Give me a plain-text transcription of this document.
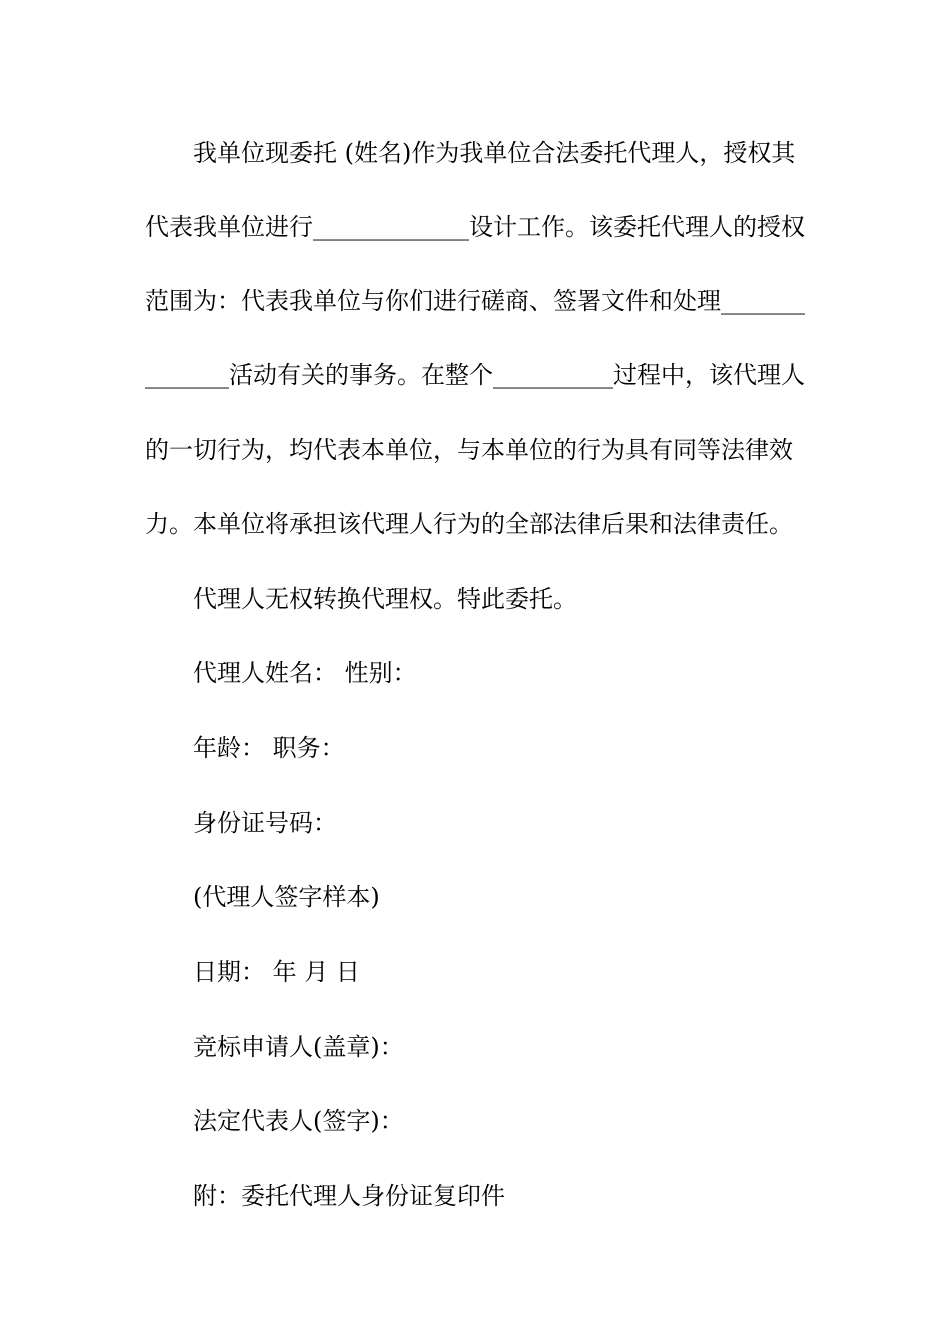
我单位现委托 (姓名)作为我单位合法委托代理人，授权其
代表我单位进行_____________设计工作。该委托代理人的授权
范围为：代表我单位与你们进行磋商、签署文件和处理_______
_______活动有关的事务。在整个__________过程中，该代理人
的一切行为，均代表本单位，与本单位的行为具有同等法律效
力。本单位将承担该代理人行为的全部法律后果和法律责任。
代理人无权转换代理权。特此委托。
代理人姓名： 性别：
年龄： 职务：
身份证号码：
(代理人签字样本)
日期： 年 月 日
竞标申请人(盖章)：
法定代表人(签字)：
附：委托代理人身份证复印件
